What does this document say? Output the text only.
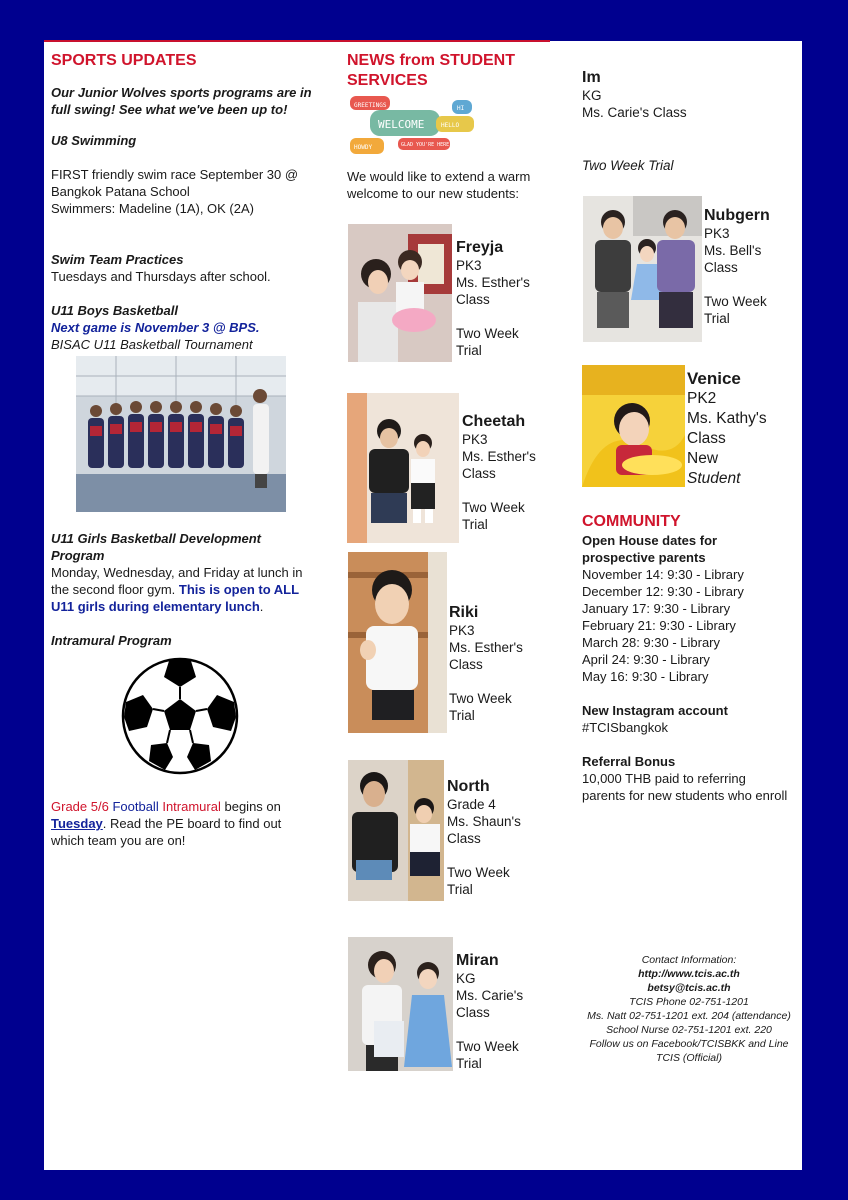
SPORTS UPDATES

Our Junior Wolves sports programs are in full swing! See what we've been up to!

U8 Swimming

FIRST friendly swim race September 30 @

Bangkok Patana School

Swimmers: Madeline (1A), OK (2A)

Swim Team Practices

Tuesdays and Thursdays after school.

U11 Boys Basketball

Next game is November 3 @ BPS.

BISAC U11 Basketball Tournament

U11 Girls Basketball Development Program

Monday, Wednesday, and Friday at lunch in the second floor gym. This is open to ALL U11 girls during elementary lunch.

Intramural Program

Grade 5/6 Football Intramural begins on Tuesday. Read the PE board to find out which team you are on!

NEWS from STUDENT
SERVICES
GREETINGS
WELCOME
HI
HELLO
HOWDY	GLAD YOU'RE HERE

We would like to extend a warm welcome to our new students:

Freyja

PK3

Ms. Esther's

Class

Two Week

Trial

Cheetah

PK3

Ms. Esther's

Class

Two Week

Trial

Riki

PK3

Ms. Esther's

Class

Two Week

Trial

North

Grade 4

Ms. Shaun's

Class

Two Week

Trial

Miran

KG

Ms. Carie's

Class

Two Week

Trial

Im

KG

Ms. Carie's Class

Two Week Trial

Nubgern

PK3

Ms. Bell's

Class

Two Week

Trial

Venice

PK2

Ms. Kathy's

Class

New

Student

COMMUNITY

Open House dates for prospective parents

November 14: 9:30 - Library

December 12: 9:30 - Library

January 17: 9:30 - Library

February 21: 9:30 - Library

March 28: 9:30 - Library

April 24: 9:30 - Library

May 16: 9:30 - Library

New Instagram account

#TCISbangkok

Referral Bonus

10,000 THB paid to referring parents for new students who enroll

Contact Information:

http://www.tcis.ac.th

betsy@tcis.ac.th

TCIS Phone 02-751-1201

Ms. Natt 02-751-1201 ext. 204 (attendance)

School Nurse 02-751-1201 ext. 220

Follow us on Facebook/TCISBKK and Line

TCIS (Official)
